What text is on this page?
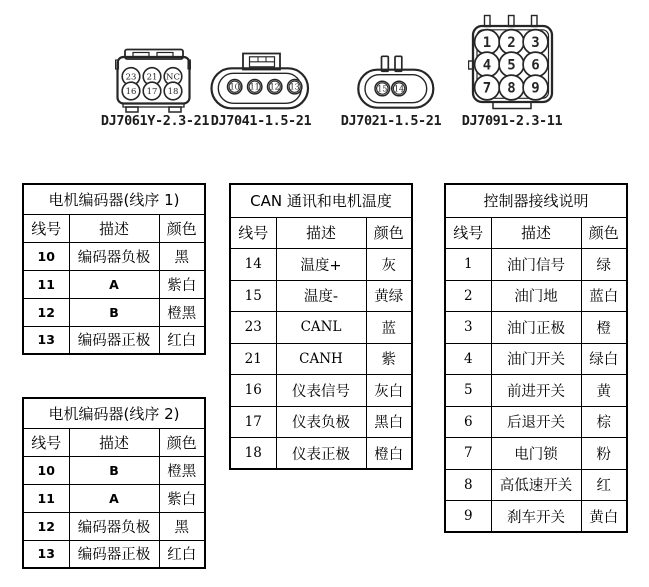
23 21 NC
16 17 18
DJ7061Y-2.3-21
10 11 12 13
DJ7041-1.5-21
15 14
DJ7021-1.5-21
1 2 3
4 5 6
7 8 9
DJ7091-2.3-11
电机编码器(线序 1)		
线号	描述	颜色
10	编码器负极	黑
11	A	紫白
12	B	橙黑
13	编码器正极	红白
电机编码器(线序 2)		
线号	描述	颜色
10	B	橙黑
11	A	紫白
12	编码器负极	黑
13	编码器正极	红白
CAN 通讯和电机温度		
线号	描述	颜色
14	温度+	灰
15	温度-	黄绿
23	CANL	蓝
21	CANH	紫
16	仪表信号	灰白
17	仪表负极	黑白
18	仪表正极	橙白
控制器接线说明		
线号	描述	颜色
1	油门信号	绿
2	油门地	蓝白
3	油门正极	橙
4	油门开关	绿白
5	前进开关	黄
6	后退开关	棕
7	电门锁	粉
8	高低速开关	红
9	刹车开关	黄白
